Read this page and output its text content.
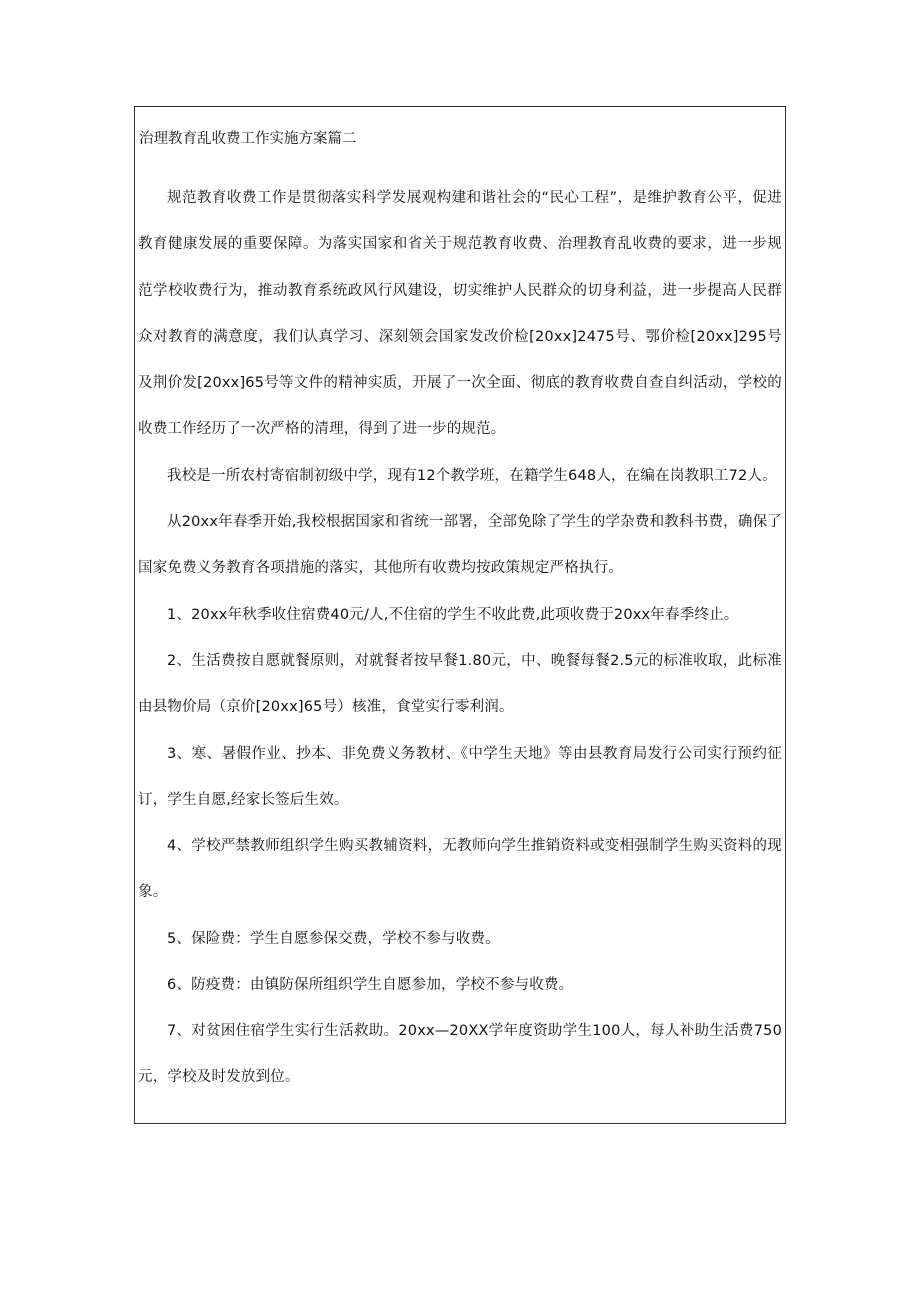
治理教育乱收费工作实施方案篇二

规范教育收费工作是贯彻落实科学发展观构建和谐社会的“民心工程”，是维护教育公平，促进教育健康发展的重要保障。为落实国家和省关于规范教育收费、治理教育乱收费的要求，进一步规范学校收费行为，推动教育系统政风行风建设，切实维护人民群众的切身利益，进一步提高人民群众对教育的满意度，我们认真学习、深刻领会国家发改价检[20xx]2475号、鄂价检[20xx]295号及荆价发[20xx]65号等文件的精神实质，开展了一次全面、彻底的教育收费自查自纠活动，学校的收费工作经历了一次严格的清理，得到了进一步的规范。

我校是一所农村寄宿制初级中学，现有12个教学班，在籍学生648人，在编在岗教职工72人。

从20xx年春季开始,我校根据国家和省统一部署，全部免除了学生的学杂费和教科书费，确保了国家免费义务教育各项措施的落实，其他所有收费均按政策规定严格执行。

1、20xx年秋季收住宿费40元/人,不住宿的学生不收此费,此项收费于20xx年春季终止。

2、生活费按自愿就餐原则，对就餐者按早餐1.80元，中、晚餐每餐2.5元的标准收取，此标准由县物价局（京价[20xx]65号）核准，食堂实行零利润。

3、寒、暑假作业、抄本、非免费义务教材、《中学生天地》等由县教育局发行公司实行预约征订，学生自愿,经家长签后生效。

4、学校严禁教师组织学生购买教辅资料，无教师向学生推销资料或变相强制学生购买资料的现象。

5、保险费：学生自愿参保交费，学校不参与收费。

6、防疫费：由镇防保所组织学生自愿参加，学校不参与收费。

7、对贫困住宿学生实行生活救助。20xx—20XX学年度资助学生100人，每人补助生活费750元，学校及时发放到位。
